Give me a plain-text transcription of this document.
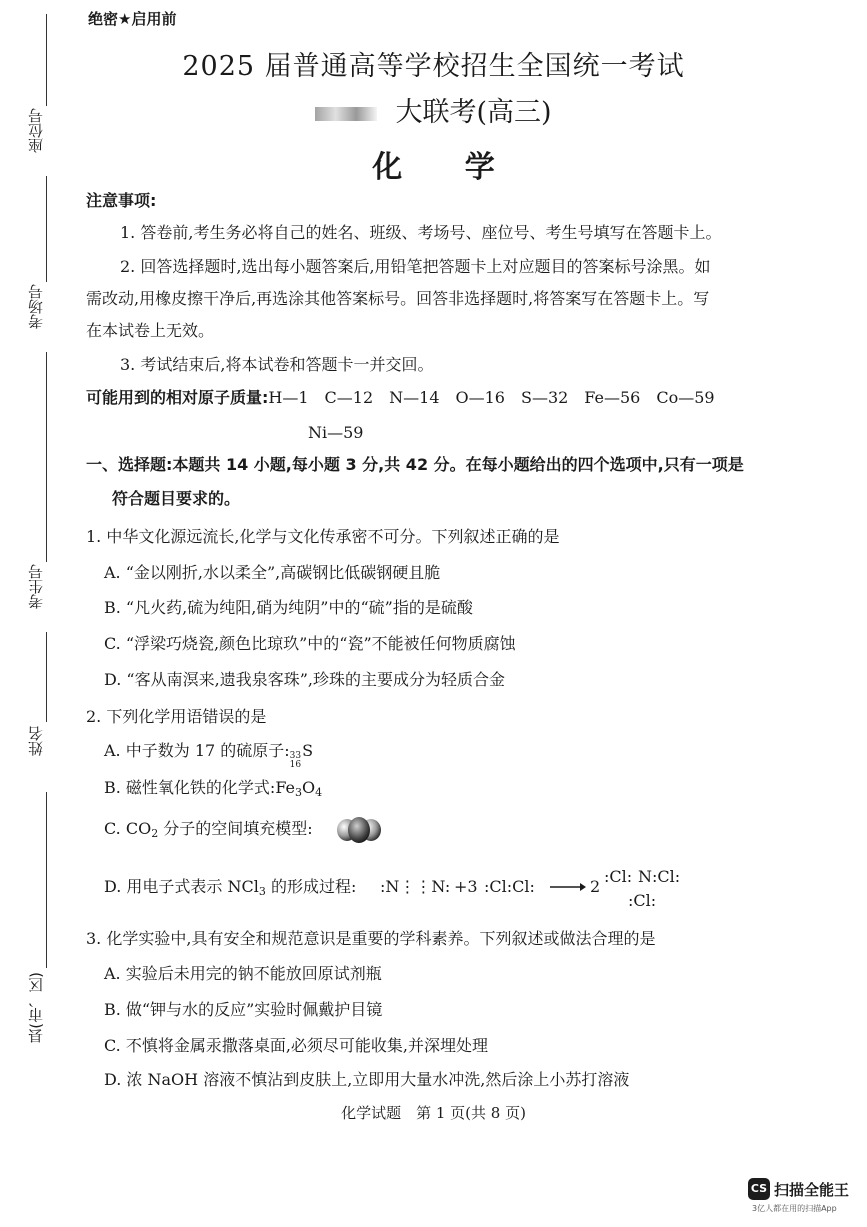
座位号
考场号
考生号
姓名
县(市、区)
绝密★启用前
2025 届普通高等学校招生全国统一考试
大联考(高三)
化 学
注意事项:
1. 答卷前,考生务必将自己的姓名、班级、考场号、座位号、考生号填写在答题卡上。
2. 回答选择题时,选出每小题答案后,用铅笔把答题卡上对应题目的答案标号涂黑。如
需改动,用橡皮擦干净后,再选涂其他答案标号。回答非选择题时,将答案写在答题卡上。写
在本试卷上无效。
3. 考试结束后,将本试卷和答题卡一并交回。
可能用到的相对原子质量:H—1　C—12　N—14　O—16　S—32　Fe—56　Co—59
Ni—59
一、选择题:本题共 14 小题,每小题 3 分,共 42 分。在每小题给出的四个选项中,只有一项是
符合题目要求的。
1. 中华文化源远流长,化学与文化传承密不可分。下列叙述正确的是
A. “金以刚折,水以柔全”,高碳钢比低碳钢硬且脆
B. “凡火药,硫为纯阳,硝为纯阴”中的“硫”指的是硫酸
C. “浮梁巧烧瓷,颜色比琼玖”中的“瓷”不能被任何物质腐蚀
D. “客从南溟来,遗我泉客珠”,珍珠的主要成分为轻质合金
2. 下列化学用语错误的是
A. 中子数为 17 的硫原子: 33
16
S
B. 磁性氧化铁的化学式$:Fe_3O_4$
C. $CO_2$ 分子的空间填充模型:
D. 用电子式表示 NCl$_3$ 的形成过程: :N⋮⋮N: +3 :Cl:Cl:	2
:Cl: N :Cl:
:Cl:
3. 化学实验中,具有安全和规范意识是重要的学科素养。下列叙述或做法合理的是
A. 实验后未用完的钠不能放回原试剂瓶
B. 做“钾与水的反应”实验时佩戴护目镜
C. 不慎将金属汞撒落桌面,必须尽可能收集,并深埋处理
D. 浓 NaOH 溶液不慎沾到皮肤上,立即用大量水冲洗,然后涂上小苏打溶液
化学试题　第 1 页(共 8 页)
CS 扫描全能王
3亿人都在用的扫描App
